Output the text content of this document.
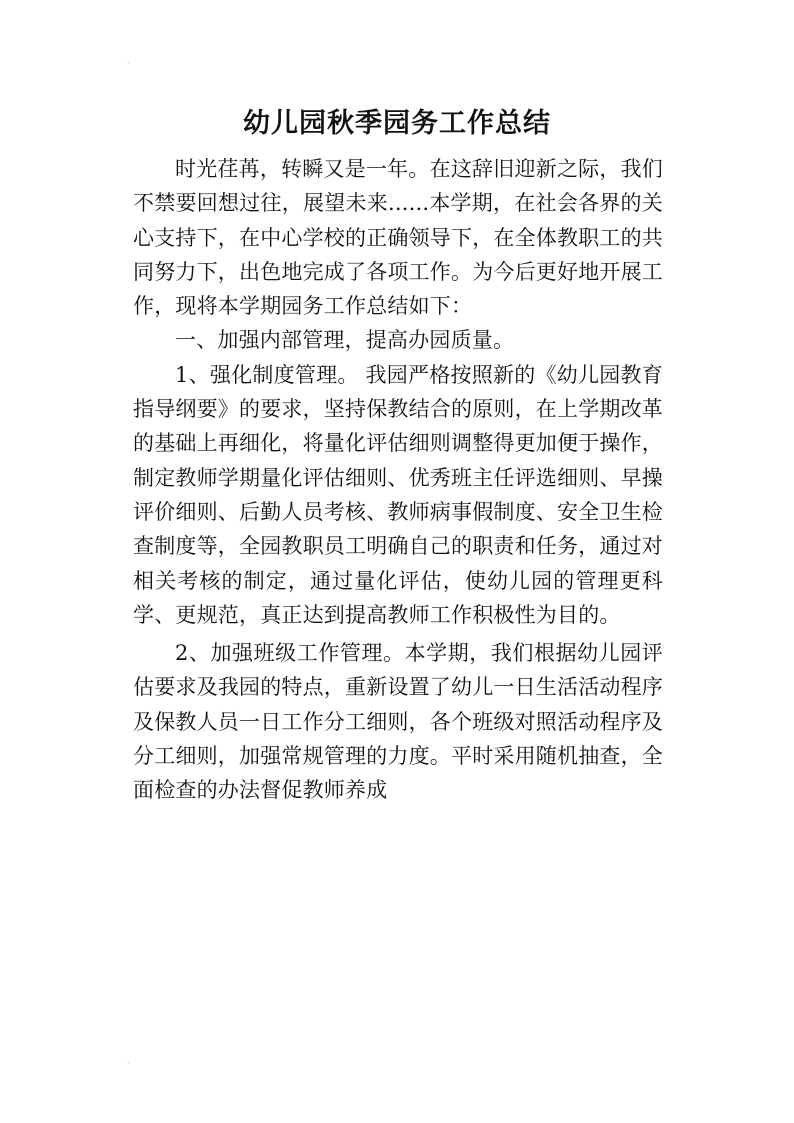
·
幼儿园秋季园务工作总结

时光荏苒，转瞬又是一年。在这辞旧迎新之际，我们不禁要回想过往，展望未来......本学期，在社会各界的关心支持下，在中心学校的正确领导下，在全体教职工的共同努力下，出色地完成了各项工作。为今后更好地开展工作，现将本学期园务工作总结如下：

一、加强内部管理，提高办园质量。

1、强化制度管理。 我园严格按照新的《幼儿园教育指导纲要》的要求，坚持保教结合的原则，在上学期改革的基础上再细化，将量化评估细则调整得更加便于操作，制定教师学期量化评估细则、优秀班主任评选细则、早操评价细则、后勤人员考核、教师病事假制度、安全卫生检查制度等，全园教职员工明确自己的职责和任务，通过对相关考核的制定，通过量化评估，使幼儿园的管理更科学、更规范，真正达到提高教师工作积极性为目的。

2、加强班级工作管理。本学期，我们根据幼儿园评估要求及我园的特点，重新设置了幼儿一日生活活动程序及保教人员一日工作分工细则，各个班级对照活动程序及分工细则，加强常规管理的力度。平时采用随机抽查，全面检查的办法督促教师养成

·
